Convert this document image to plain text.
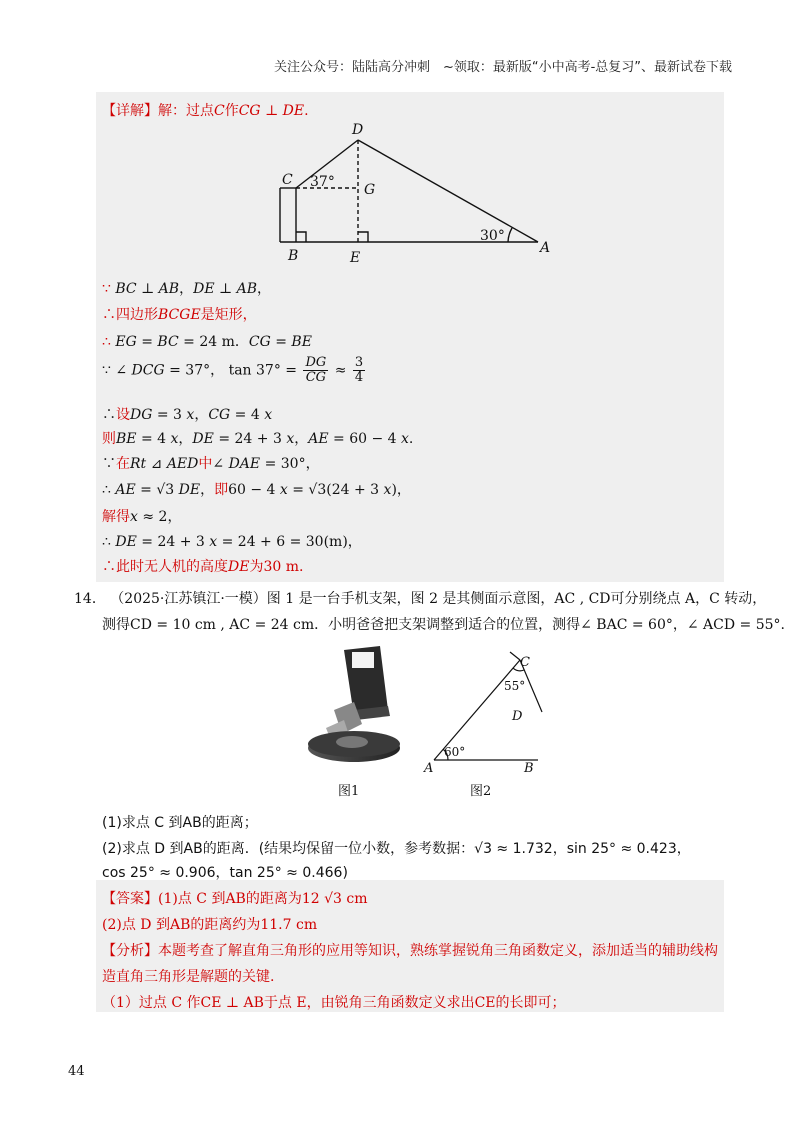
关注公众号：陆陆高分冲刺　~领取：最新版“小中高考-总复习”、最新试卷下载
【详解】解：过点C作CG ⊥ DE.
D
C
G
B	E
A
37°
30°
∵ BC ⊥ AB，DE ⊥ AB，
∴四边形BCGE是矩形，
∴ EG = BC = 24 m．CG = BE
∵ ∠ DCG = 37°， $\tan 37^\circ = \frac{DG}{CG} \approx \frac{3}{4}$
∴设DG = 3 x，CG = 4 x
则BE = 4 x，DE = 24 + 3 x，AE = 60 − 4 x.
∵在Rt ⊿ AED中∠ DAE = 30°，
∴ AE = √3 DE，即60 − 4 x = √3(24 + 3 x)，
解得x ≈ 2，
∴ DE = 24 + 3 x = 24 + 6 = 30(m)，
∴此时无人机的高度DE为30 m.
14． （2025·江苏镇江·一模）图 1 是一台手机支架，图 2 是其侧面示意图，AC , CD可分别绕点 A，C 转动，
测得CD = 10 cm , AC = 24 cm．小明爸爸把支架调整到适合的位置，测得∠ BAC = 60°，∠ ACD = 55°.
图1
C
D
A	B
55°
60°
图2
(1)求点 C 到AB的距离；
(2)求点 D 到AB的距离．(结果均保留一位小数，参考数据：√3 ≈ 1.732，sin 25° ≈ 0.423，
cos 25° ≈ 0.906，tan 25° ≈ 0.466)
【答案】(1)点 C 到AB的距离为12 √3 cm
(2)点 D 到AB的距离约为11.7 cm
【分析】本题考查了解直角三角形的应用等知识，熟练掌握锐角三角函数定义，添加适当的辅助线构
造直角三角形是解题的关键.
（1）过点 C 作CE ⊥ AB于点 E，由锐角三角函数定义求出CE的长即可；
44
